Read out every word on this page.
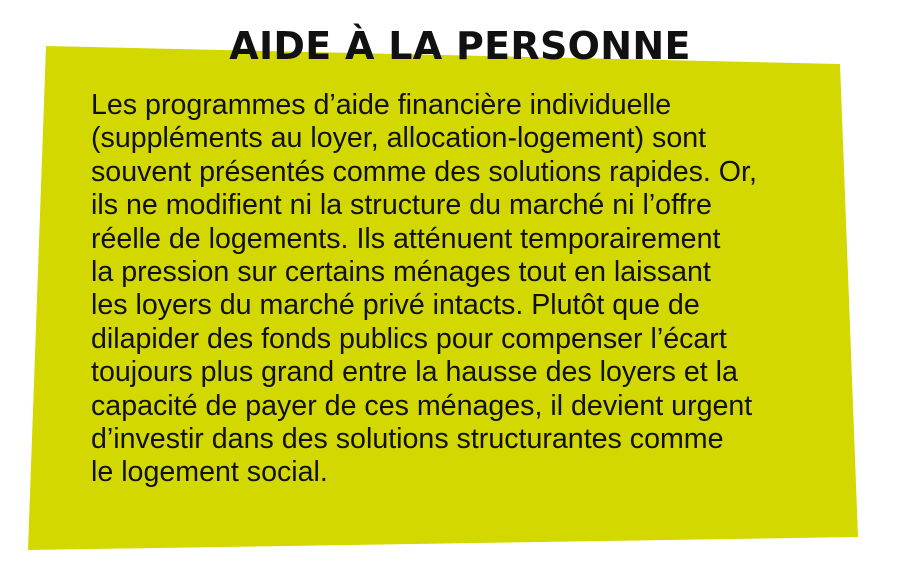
AIDE À LA PERSONNE

Les programmes d’aide financière individuelle
(suppléments au loyer, allocation-logement) sont
souvent présentés comme des solutions rapides. Or,
ils ne modifient ni la structure du marché ni l’offre
réelle de logements. Ils atténuent temporairement
la pression sur certains ménages tout en laissant
les loyers du marché privé intacts. Plutôt que de
dilapider des fonds publics pour compenser l’écart
toujours plus grand entre la hausse des loyers et la
capacité de payer de ces ménages, il devient urgent
d’investir dans des solutions structurantes comme
le logement social.
